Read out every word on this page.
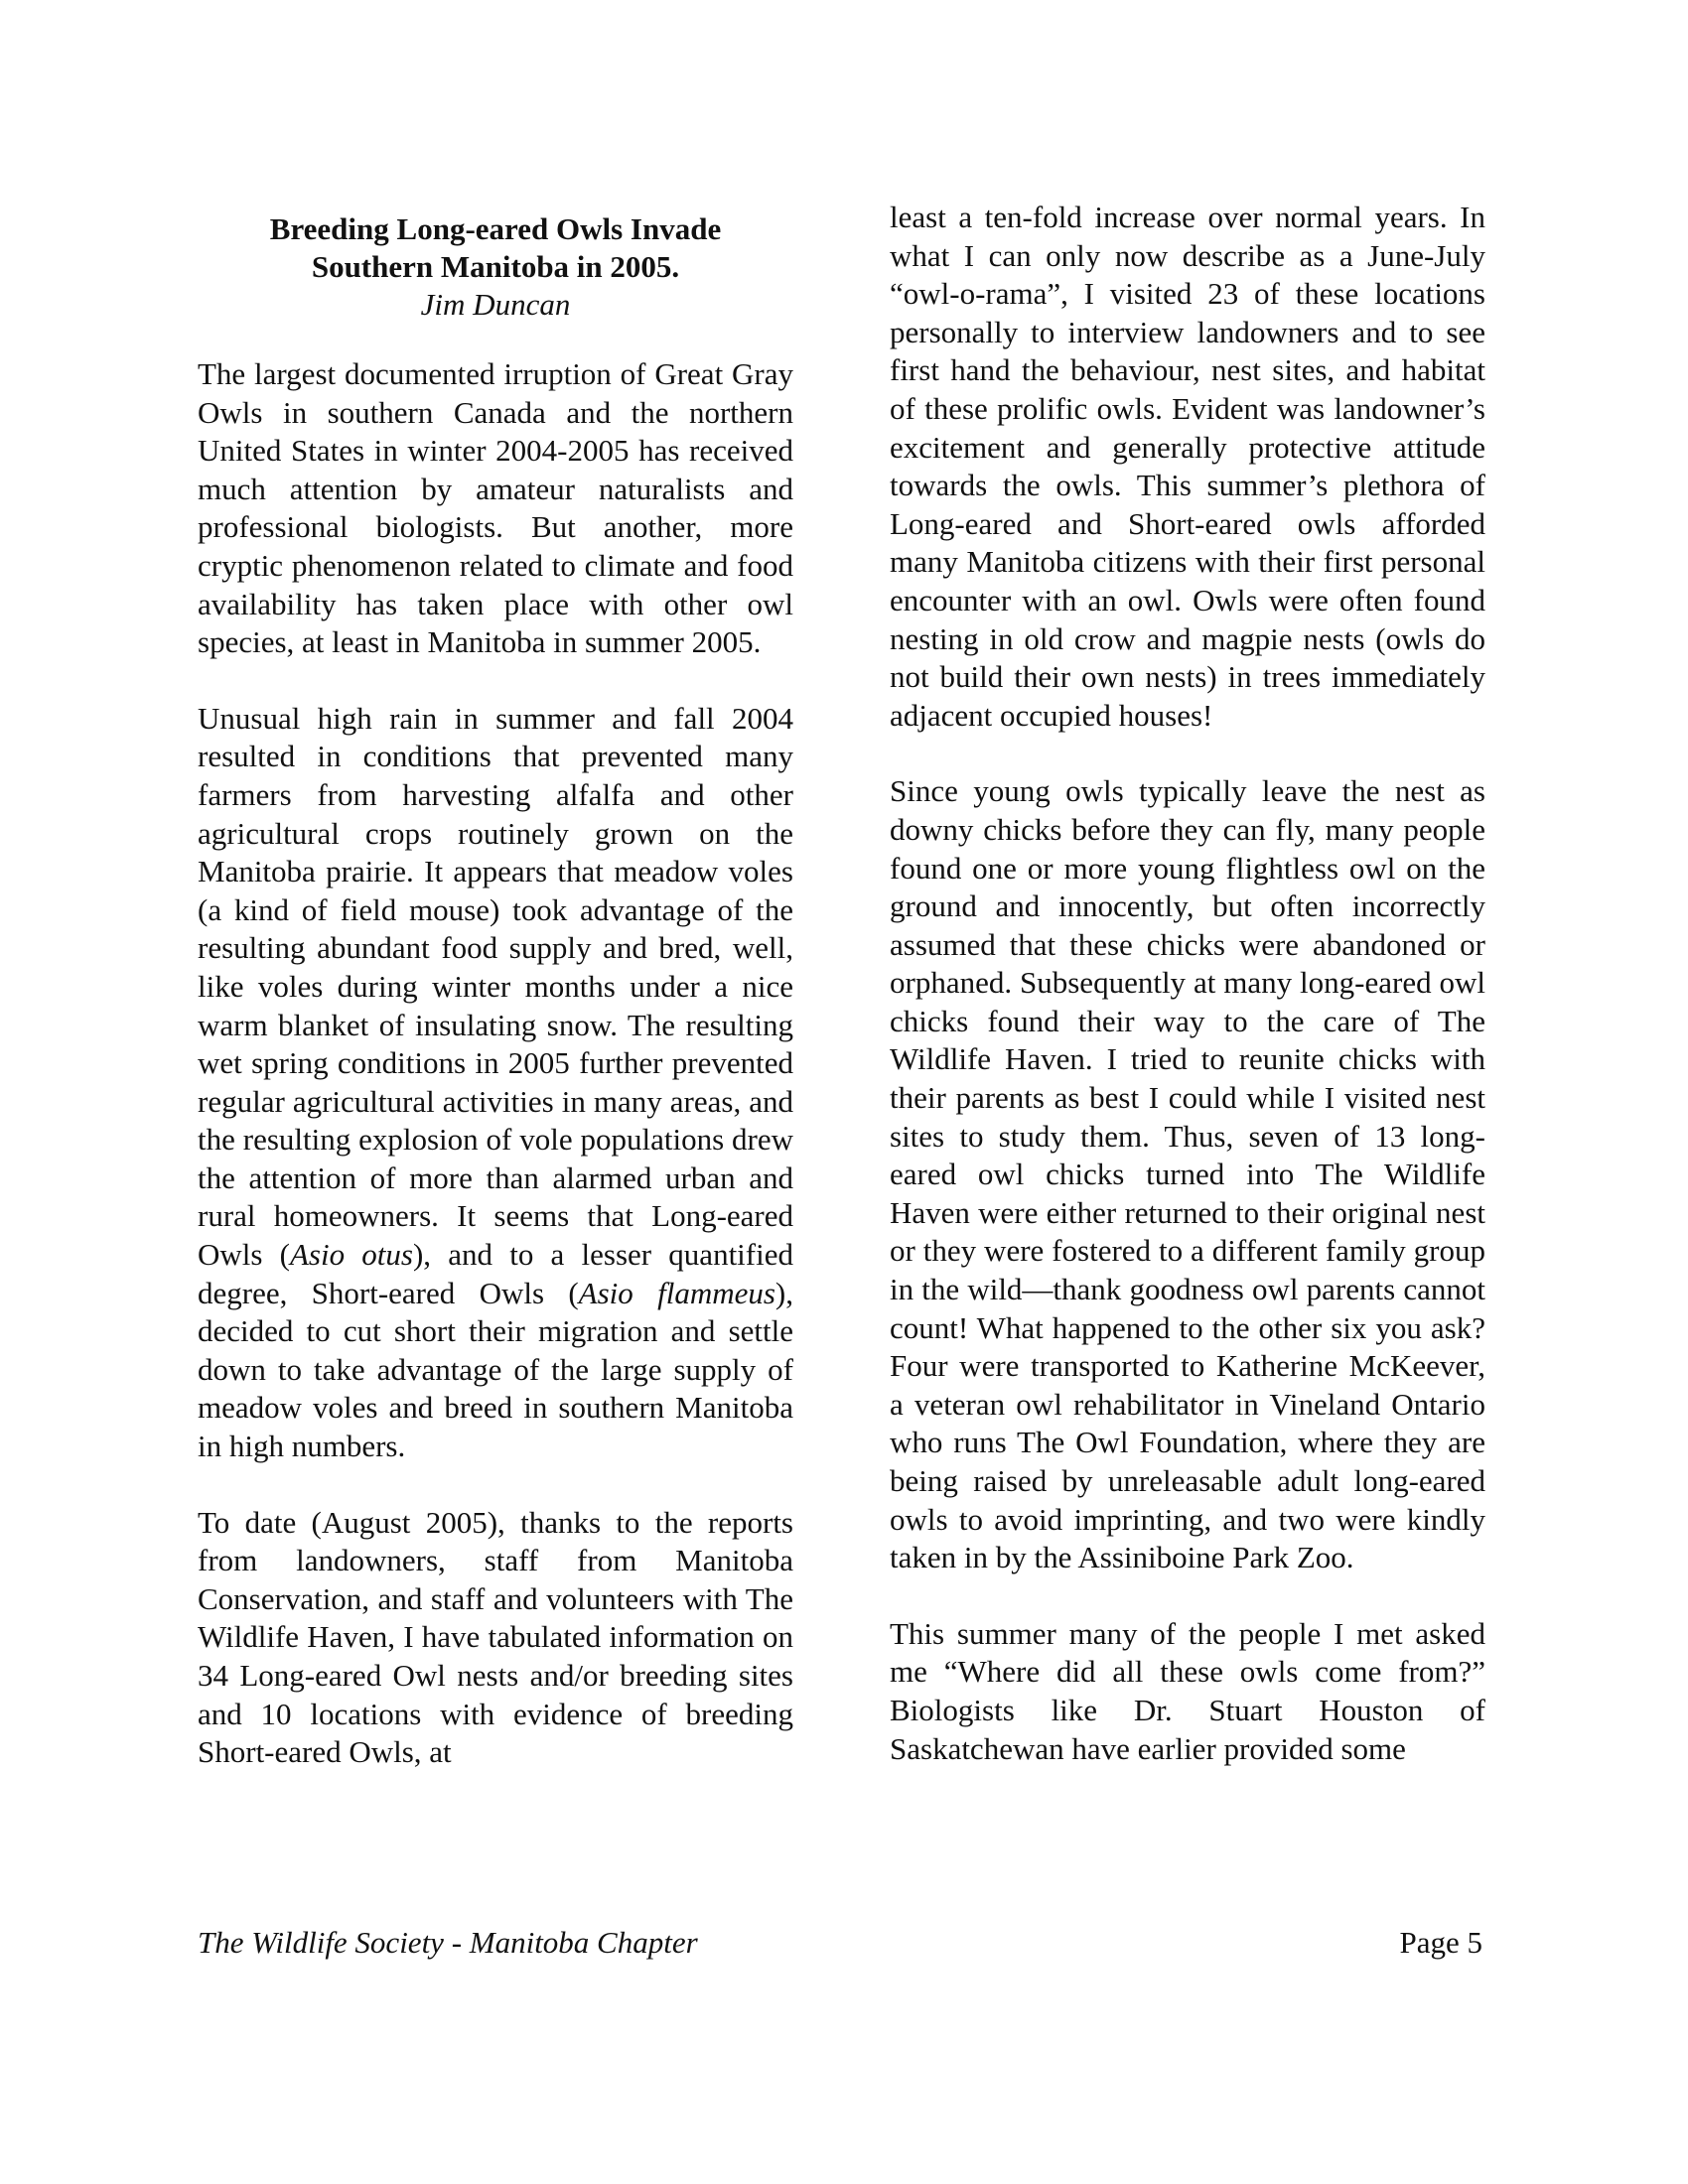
Breeding Long-eared Owls Invade
Southern Manitoba in 2005.
Jim Duncan

The largest documented irruption of Great Gray Owls in southern Canada and the northern United States in winter 2004-2005 has received much attention by amateur naturalists and professional biologists. But another, more cryptic phenomenon related to climate and food availability has taken place with other owl species, at least in Manitoba in summer 2005.

Unusual high rain in summer and fall 2004 resulted in conditions that prevented many farmers from harvesting alfalfa and other agricultural crops routinely grown on the Manitoba prairie. It appears that meadow voles (a kind of field mouse) took advantage of the resulting abundant food supply and bred, well, like voles during winter months under a nice warm blanket of insulating snow. The resulting wet spring conditions in 2005 further prevented regular agricultural activities in many areas, and the resulting explosion of vole populations drew the attention of more than alarmed urban and rural homeowners. It seems that Long-eared Owls (Asio otus), and to a lesser quantified degree, Short-eared Owls (Asio flammeus), decided to cut short their migration and settle down to take advantage of the large supply of meadow voles and breed in southern Manitoba in high numbers.

To date (August 2005), thanks to the reports from landowners, staff from Manitoba Conservation, and staff and volunteers with The Wildlife Haven, I have tabulated information on 34 Long-eared Owl nests and/or breeding sites and 10 locations with evidence of breeding Short-eared Owls, at

least a ten-fold increase over normal years. In what I can only now describe as a June-July “owl-o-rama”, I visited 23 of these locations personally to interview landowners and to see first hand the behaviour, nest sites, and habitat of these prolific owls. Evident was landowner’s excitement and generally protective attitude towards the owls. This summer’s plethora of Long-eared and Short-eared owls afforded many Manitoba citizens with their first personal encounter with an owl. Owls were often found nesting in old crow and magpie nests (owls do not build their own nests) in trees immediately adjacent occupied houses!

Since young owls typically leave the nest as downy chicks before they can fly, many people found one or more young flightless owl on the ground and innocently, but often incorrectly assumed that these chicks were abandoned or orphaned. Subsequently at many long-eared owl chicks found their way to the care of The Wildlife Haven. I tried to reunite chicks with their parents as best I could while I visited nest sites to study them. Thus, seven of 13 long-eared owl chicks turned into The Wildlife Haven were either returned to their original nest or they were fostered to a different family group in the wild—thank goodness owl parents cannot count! What happened to the other six you ask? Four were transported to Katherine McKeever, a veteran owl rehabilitator in Vineland Ontario who runs The Owl Foundation, where they are being raised by unreleasable adult long-eared owls to avoid imprinting, and two were kindly taken in by the Assiniboine Park Zoo.

This summer many of the people I met asked me “Where did all these owls come from?” Biologists like Dr. Stuart Houston of Saskatchewan have earlier provided some

The Wildlife Society - Manitoba Chapter	Page 5
